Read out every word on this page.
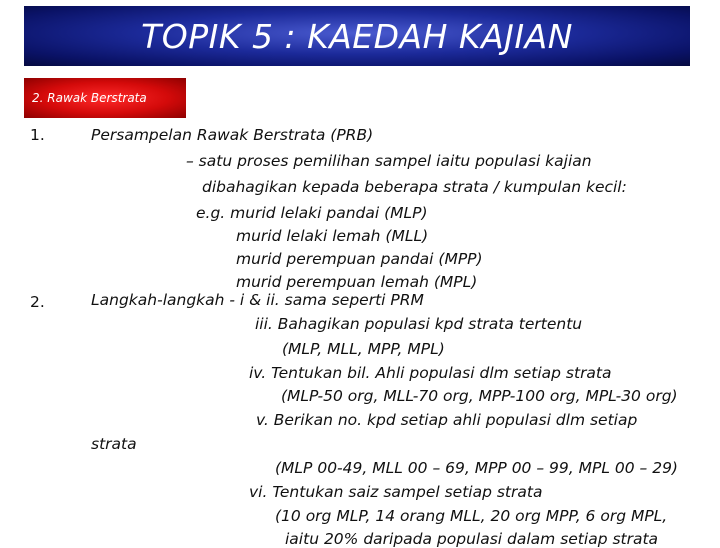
TOPIK 5 : KAEDAH KAJIAN
2. Rawak Berstrata
1.	Persampelan Rawak Berstrata (PRB)
– satu proses pemilihan sampel iaitu populasi kajian
dibahagikan kepada beberapa strata / kumpulan kecil:
e.g. murid lelaki pandai (MLP)
murid lelaki lemah (MLL)
murid perempuan pandai (MPP)
murid perempuan lemah (MPL)
2.	Langkah-langkah - i & ii. sama seperti PRM
iii. Bahagikan populasi kpd strata tertentu
(MLP, MLL, MPP, MPL)
iv. Tentukan bil. Ahli populasi dlm setiap strata
(MLP-50 org, MLL-70 org, MPP-100 org, MPL-30 org)
v. Berikan no. kpd setiap ahli populasi dlm setiap
strata
(MLP 00-49, MLL 00 – 69, MPP 00 – 99, MPL 00 – 29)
vi. Tentukan saiz sampel setiap strata
(10 org MLP, 14 orang MLL, 20 org MPP, 6 org MPL,
iaitu 20% daripada populasi dalam setiap strata
